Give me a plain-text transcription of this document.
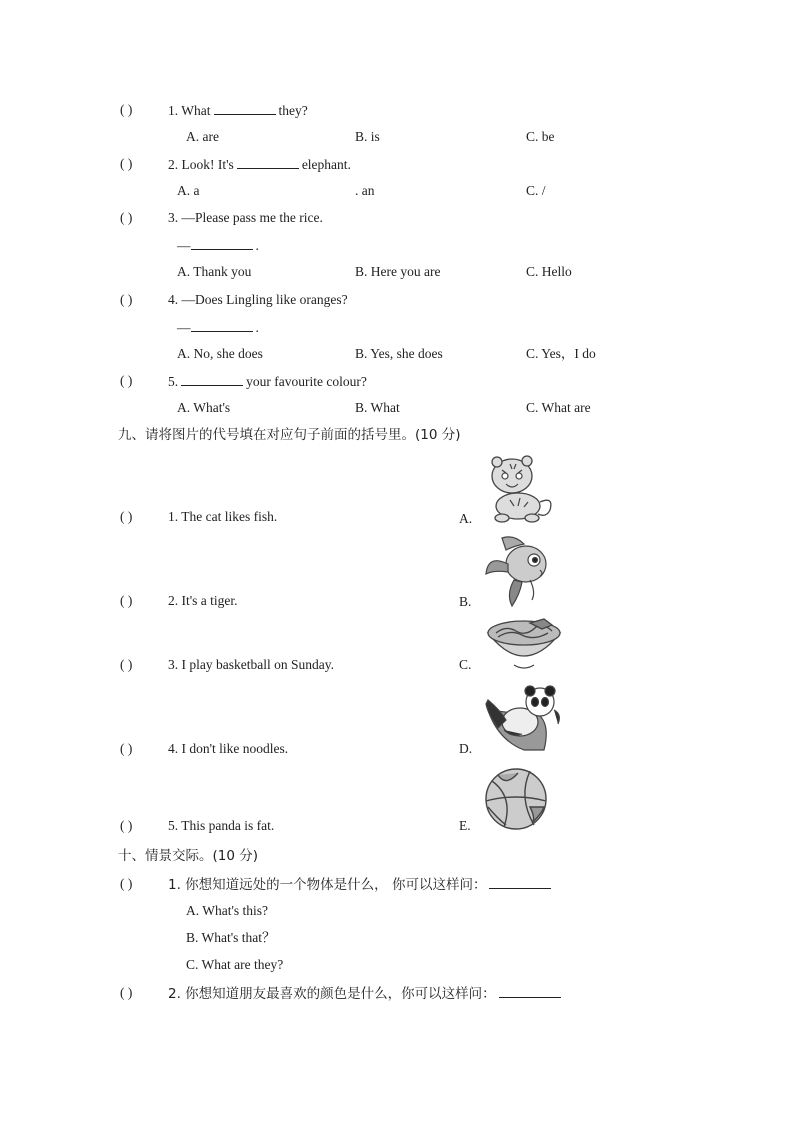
( )	1. What	they?
A. are	B. is	C. be
( )	2. Look! It's	elephant.
A. a	. an	C. /
( )	3. —Please pass me the rice.
—	.
A. Thank you	B. Here you are	C. Hello
( )	4. —Does Lingling like oranges?
—	.
A. No, she does	B. Yes, she does	C. Yes，I do
( )	5.	your favourite colour?
A. What's	B. What	C. What are
九、请将图片的代号填在对应句子前面的括号里。(10 分)
( )	1. The cat likes fish.	A.
( )	2. It's a tiger.	B.
( )	3. I play basketball on Sunday.	C.
( )	4. I don't like noodles.	D.
( )	5. This panda is fat.	E.
十、情景交际。(10 分)
( )	1. 你想知道远处的一个物体是什么， 你可以这样问：
A. What's this?
B. What's that？
C. What are they?
( )	2. 你想知道朋友最喜欢的颜色是什么，你可以这样问：
